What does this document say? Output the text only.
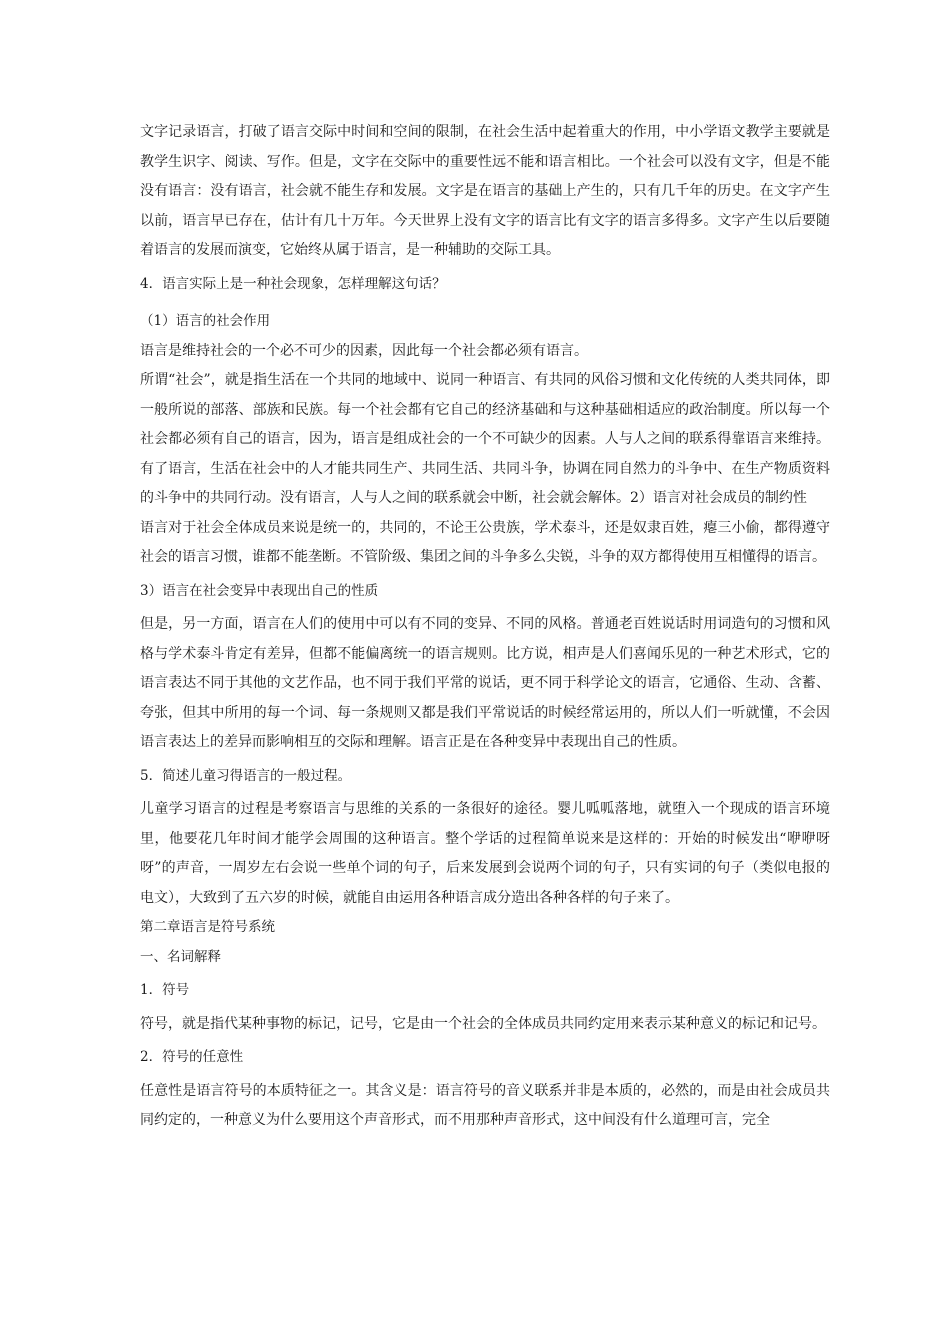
文字记录语言，打破了语言交际中时间和空间的限制，在社会生活中起着重大的作用，中小学语文教学主要就是教学生识字、阅读、写作。但是，文字在交际中的重要性远不能和语言相比。一个社会可以没有文字，但是不能没有语言：没有语言，社会就不能生存和发展。文字是在语言的基础上产生的，只有几千年的历史。在文字产生以前，语言早已存在，估计有几十万年。今天世界上没有文字的语言比有文字的语言多得多。文字产生以后要随着语言的发展而演变，它始终从属于语言，是一种辅助的交际工具。

4．语言实际上是一种社会现象，怎样理解这句话？

（1）语言的社会作用

语言是维持社会的一个必不可少的因素，因此每一个社会都必须有语言。

所谓“社会”，就是指生活在一个共同的地域中、说同一种语言、有共同的风俗习惯和文化传统的人类共同体，即一般所说的部落、部族和民族。每一个社会都有它自己的经济基础和与这种基础相适应的政治制度。所以每一个社会都必须有自己的语言，因为，语言是组成社会的一个不可缺少的因素。人与人之间的联系得靠语言来维持。有了语言，生活在社会中的人才能共同生产、共同生活、共同斗争，协调在同自然力的斗争中、在生产物质资料的斗争中的共同行动。没有语言，人与人之间的联系就会中断，社会就会解体。2）语言对社会成员的制约性

语言对于社会全体成员来说是统一的，共同的，不论王公贵族，学术泰斗，还是奴隶百姓，瘪三小偷，都得遵守社会的语言习惯，谁都不能垄断。不管阶级、集团之间的斗争多么尖锐，斗争的双方都得使用互相懂得的语言。

3）语言在社会变异中表现出自己的性质

但是，另一方面，语言在人们的使用中可以有不同的变异、不同的风格。普通老百姓说话时用词造句的习惯和风格与学术泰斗肯定有差异，但都不能偏离统一的语言规则。比方说，相声是人们喜闻乐见的一种艺术形式，它的语言表达不同于其他的文艺作品，也不同于我们平常的说话，更不同于科学论文的语言，它通俗、生动、含蓄、夸张，但其中所用的每一个词、每一条规则又都是我们平常说话的时候经常运用的，所以人们一听就懂，不会因语言表达上的差异而影响相互的交际和理解。语言正是在各种变异中表现出自己的性质。

5．简述儿童习得语言的一般过程。

儿童学习语言的过程是考察语言与思维的关系的一条很好的途径。婴儿呱呱落地，就堕入一个现成的语言环境里，他要花几年时间才能学会周围的这种语言。整个学话的过程简单说来是这样的：开始的时候发出“咿咿呀呀”的声音，一周岁左右会说一些单个词的句子，后来发展到会说两个词的句子，只有实词的句子（类似电报的电文），大致到了五六岁的时候，就能自由运用各种语言成分造出各种各样的句子来了。

第二章语言是符号系统

一、名词解释

1．符号

符号，就是指代某种事物的标记，记号，它是由一个社会的全体成员共同约定用来表示某种意义的标记和记号。

2．符号的任意性

任意性是语言符号的本质特征之一。其含义是：语言符号的音义联系并非是本质的，必然的，而是由社会成员共同约定的，一种意义为什么要用这个声音形式，而不用那种声音形式，这中间没有什么道理可言，完全
